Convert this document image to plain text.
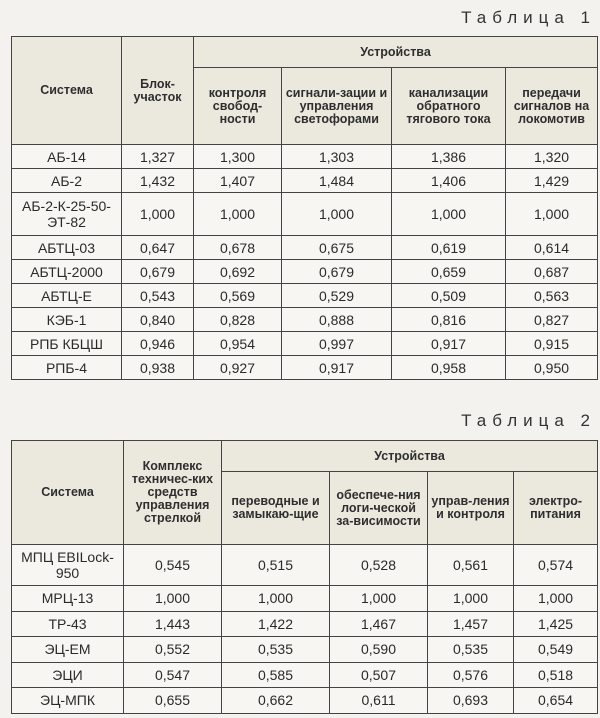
Таблица 1
Система	Блок-участок	Устройства			
		контроля свобод-ности	сигнали-зации и управления светофорами	канализации обратного тягового тока	передачи сигналов на локомотив
АБ-14	1,327	1,300	1,303	1,386	1,320
АБ-2	1,432	1,407	1,484	1,406	1,429
АБ-2-К-25-50-ЭТ-82	1,000	1,000	1,000	1,000	1,000
АБТЦ-03	0,647	0,678	0,675	0,619	0,614
АБТЦ-2000	0,679	0,692	0,679	0,659	0,687
АБТЦ-Е	0,543	0,569	0,529	0,509	0,563
КЭБ-1	0,840	0,828	0,888	0,816	0,827
РПБ КБЦШ	0,946	0,954	0,997	0,917	0,915
РПБ-4	0,938	0,927	0,917	0,958	0,950
Таблица 2
Система	Комплекс техничес-ких средств управления стрелкой	Устройства			
		переводные и замыкаю-щие	обеспече-ния логи-ческой за-висимости	управ-ления и контроля	электро-питания
МПЦ EBILock-950	0,545	0,515	0,528	0,561	0,574
МРЦ-13	1,000	1,000	1,000	1,000	1,000
ТР-43	1,443	1,422	1,467	1,457	1,425
ЭЦ-ЕМ	0,552	0,535	0,590	0,535	0,549
ЭЦИ	0,547	0,585	0,507	0,576	0,518
ЭЦ-МПК	0,655	0,662	0,611	0,693	0,654
